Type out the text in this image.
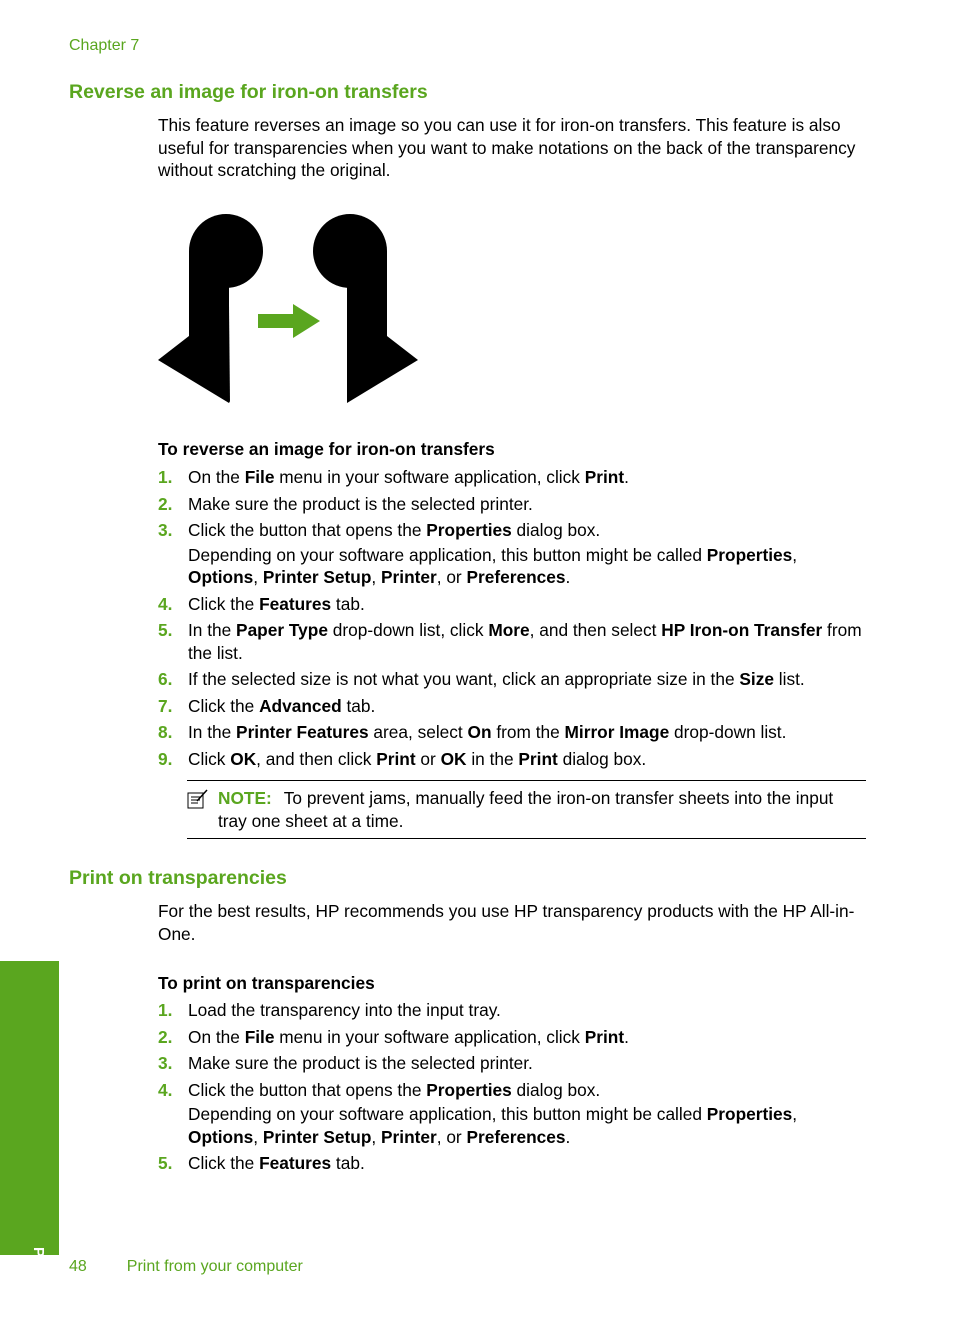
Chapter 7
Reverse an image for iron-on transfers

This feature reverses an image so you can use it for iron-on transfers. This feature is also useful for transparencies when you want to make notations on the back of the transparency without scratching the original.

To reverse an image for iron-on transfers

1. On the File menu in your software application, click Print.
2. Make sure the product is the selected printer.
3. Click the button that opens the Properties dialog box.
Depending on your software application, this button might be called Properties, Options, Printer Setup, Printer, or Preferences.
4. Click the Features tab.
5. In the Paper Type drop-down list, click More, and then select HP Iron-on Transfer from the list.
6. If the selected size is not what you want, click an appropriate size in the Size list.
7. Click the Advanced tab.
8. In the Printer Features area, select On from the Mirror Image drop-down list.
9. Click OK, and then click Print or OK in the Print dialog box.
NOTE: To prevent jams, manually feed the iron-on transfer sheets into the input tray one sheet at a time.
Print on transparencies

For the best results, HP recommends you use HP transparency products with the HP All-in-One.

To print on transparencies

1. Load the transparency into the input tray.
2. On the File menu in your software application, click Print.
3. Make sure the product is the selected printer.
4. Click the button that opens the Properties dialog box.
Depending on your software application, this button might be called Properties, Options, Printer Setup, Printer, or Preferences.
5. Click the Features tab.
Print 48	Print from your computer
